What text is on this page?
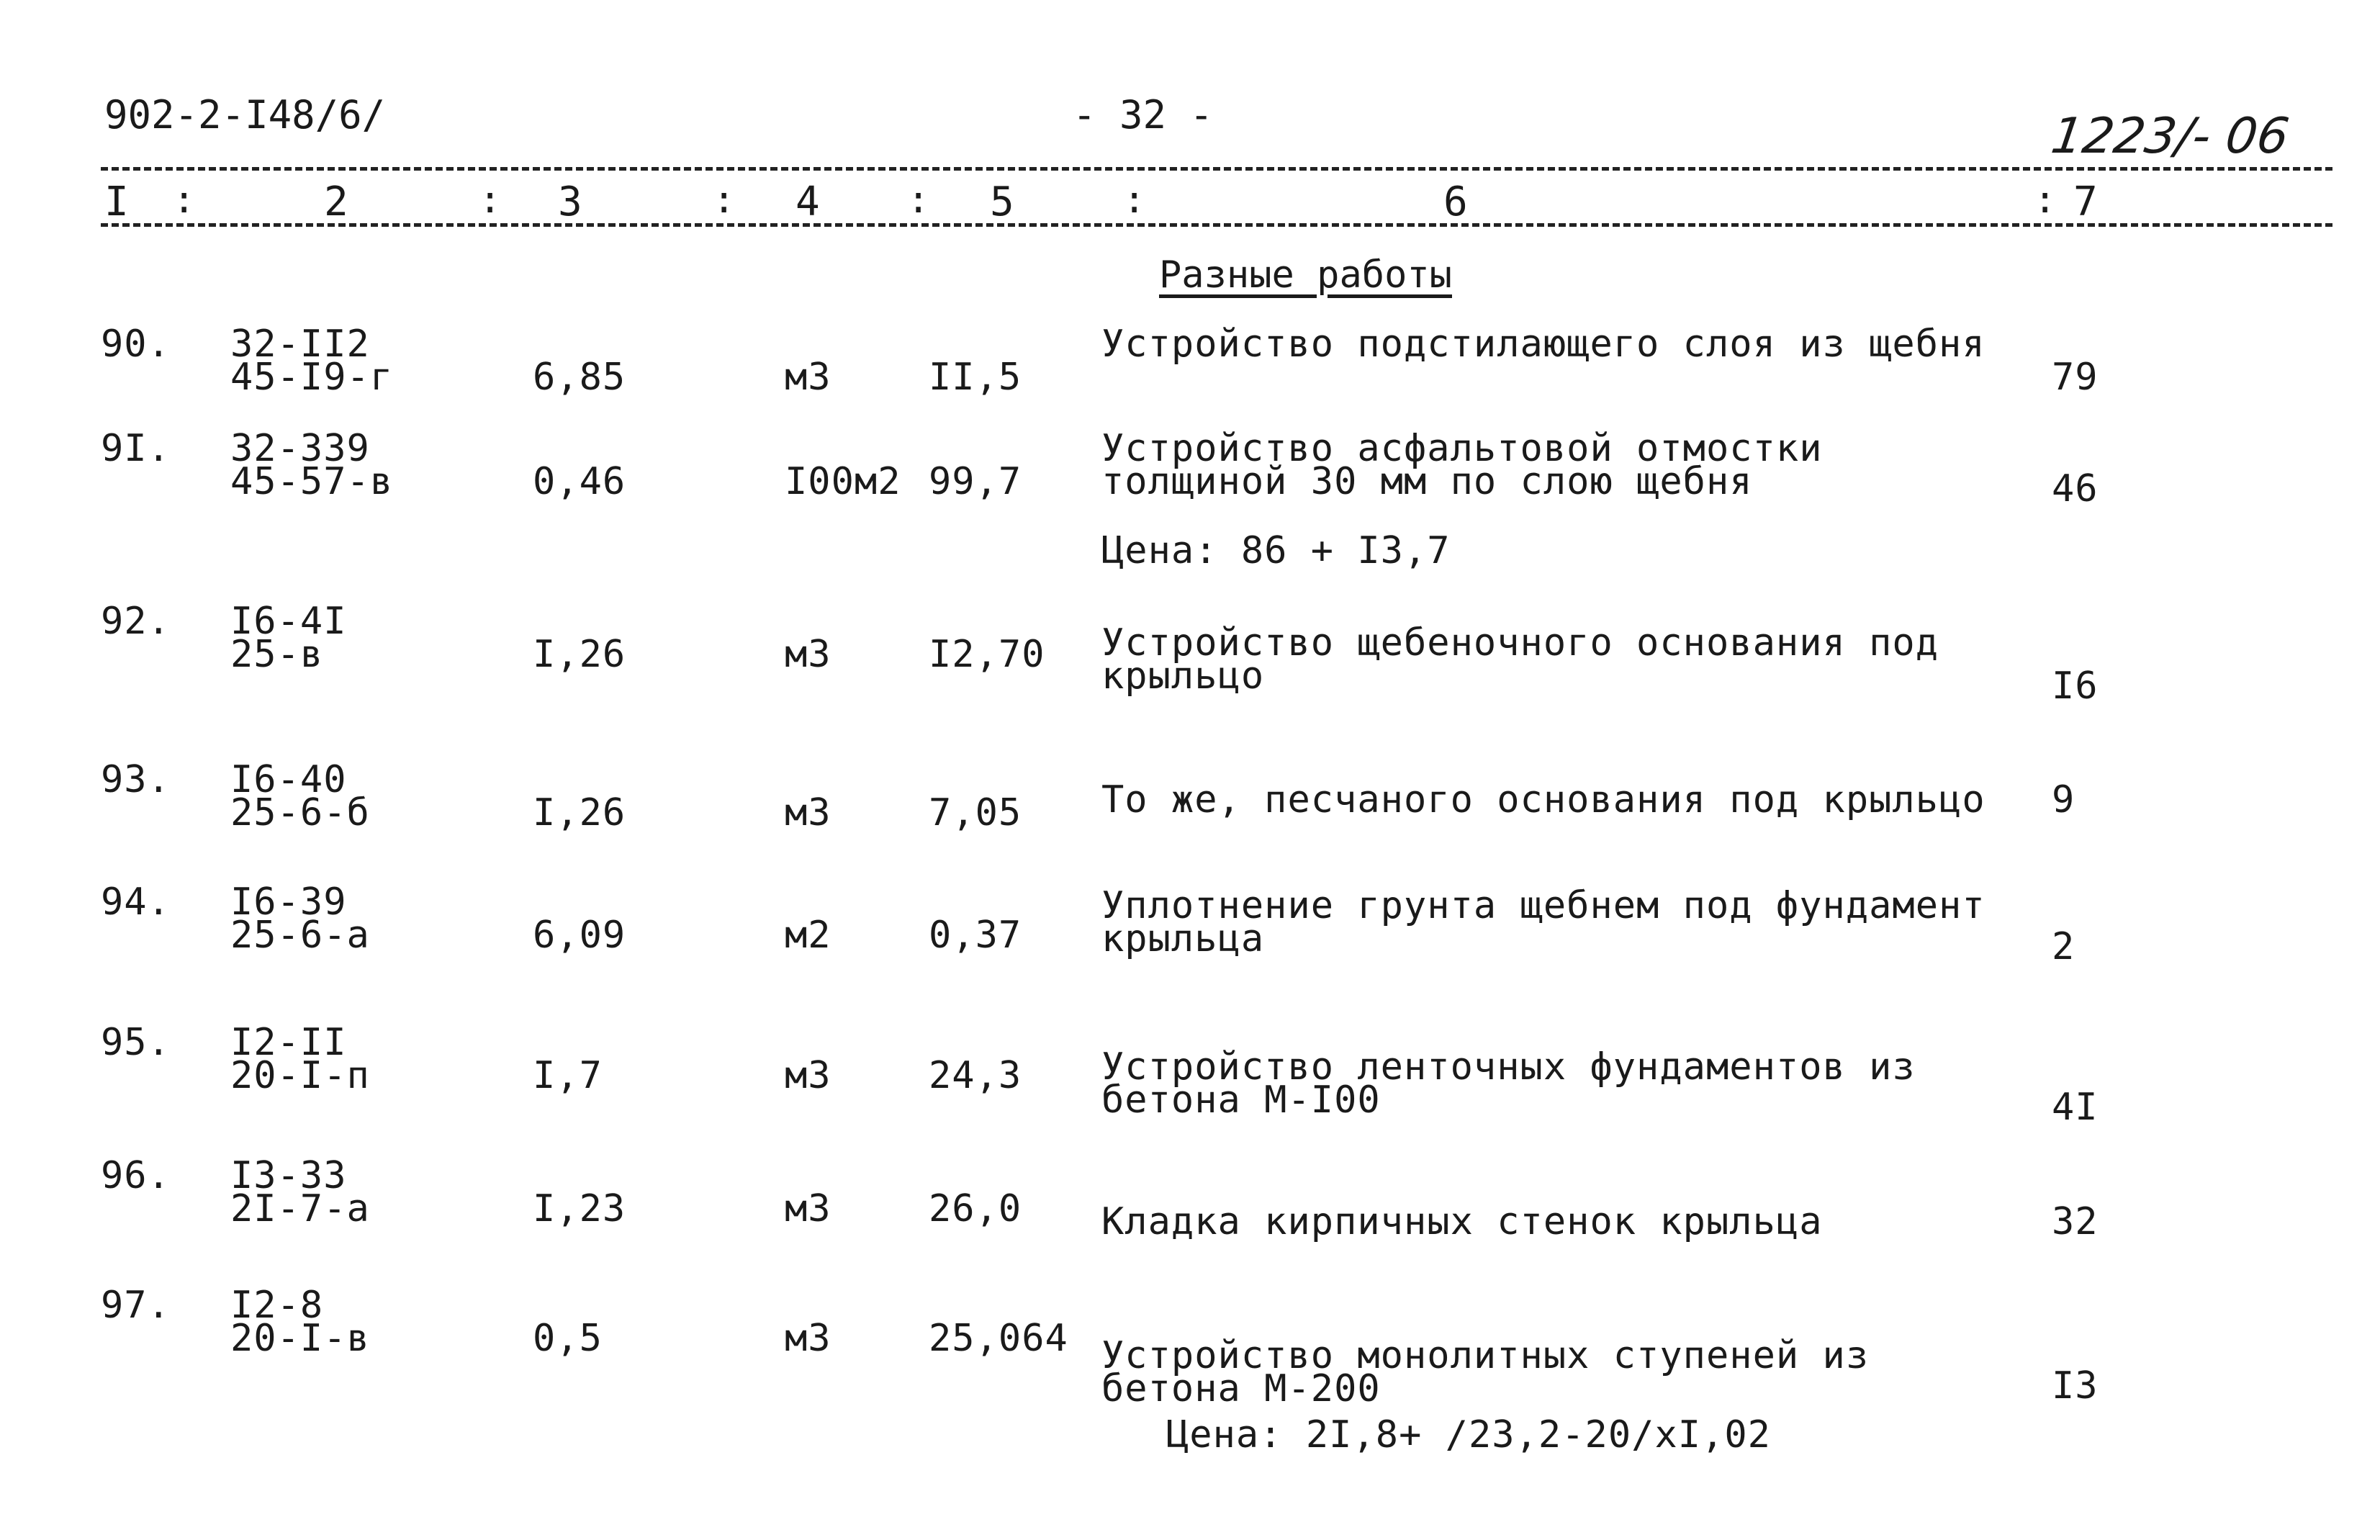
902-2-I48/6/	- 32 -	1223/- 06
I :	2	: 3	: 4 : 5	:	6	: 7
Разные работы
90. 32-II2
45-I9-г	6,85	м3	II,5
Устройство подстилающего слоя из щебня
79
9I. 32-339
45-57-в	0,46	I00м2 99,7
Устройство асфальтовой отмостки толщиной 30 мм по слою щебня	46
Цена: 86 + I3,7
92. I6-4I
25-в	I,26	м3	I2,70 Устройство щебеночного основания под крыльцо	I6
93. I6-40
25-6-б	I,26	м3	7,05 То же, песчаного основания под крыльцо	9
94. I6-39
25-6-а	6,09	м2	0,37
Уплотнение грунта щебнем под фундамент крыльца	2
95. I2-II
20-I-п	I,7	м3	24,3 Устройство ленточных фундаментов из бетона М-I00	4I
96. I3-33
2I-7-а	I,23	м3	26,0 Кладка кирпичных стенок крыльца	32
97. I2-8
20-I-в	0,5	м3	25,064 Устройство монолитных ступеней из бетона М-200	I3
Цена: 2I,8+ /23,2-20/xI,02
